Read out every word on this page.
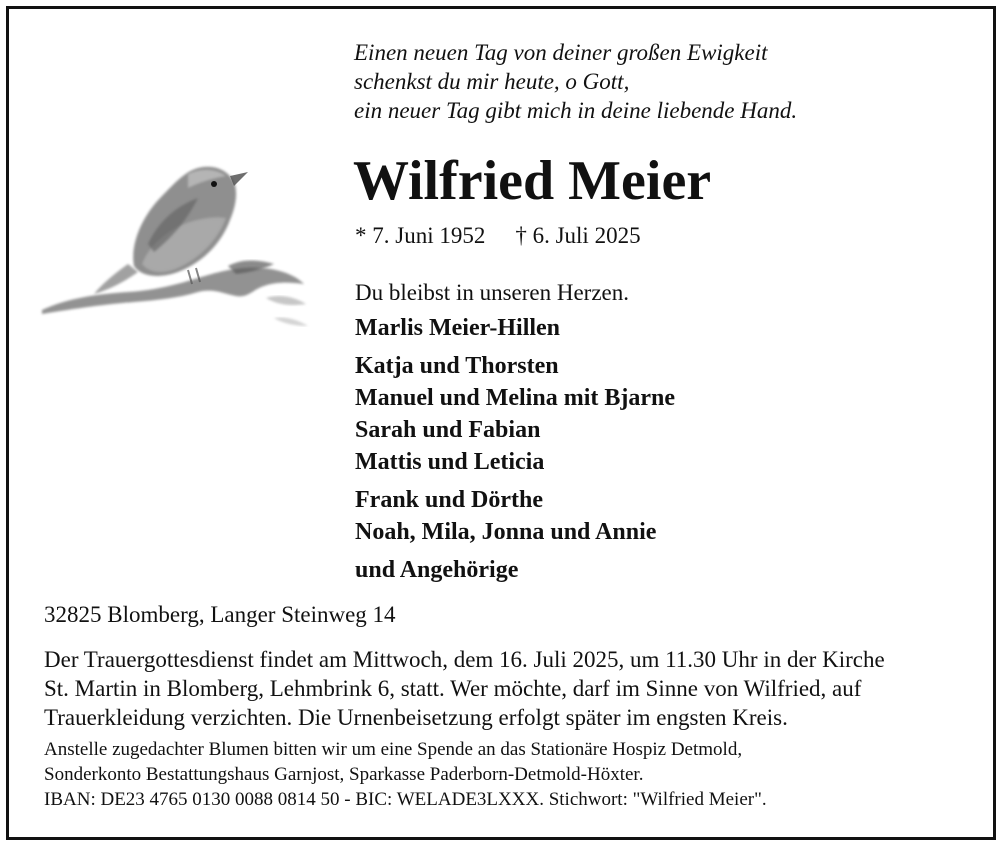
Einen neuen Tag von deiner großen Ewigkeit
schenkst du mir heute, o Gott,
ein neuer Tag gibt mich in deine liebende Hand.
Wilfried Meier
* 7. Juni 1952 † 6. Juli 2025
Du bleibst in unseren Herzen.
Marlis Meier-Hillen
Katja und Thorsten
Manuel und Melina mit Bjarne
Sarah und Fabian
Mattis und Leticia
Frank und Dörthe
Noah, Mila, Jonna und Annie
und Angehörige
32825 Blomberg, Langer Steinweg 14
Der Trauergottesdienst findet am Mittwoch, dem 16. Juli 2025, um 11.30 Uhr in der Kirche
St. Martin in Blomberg, Lehmbrink 6, statt. Wer möchte, darf im Sinne von Wilfried, auf
Trauerkleidung verzichten. Die Urnenbeisetzung erfolgt später im engsten Kreis.
Anstelle zugedachter Blumen bitten wir um eine Spende an das Stationäre Hospiz Detmold,
Sonderkonto Bestattungshaus Garnjost, Sparkasse Paderborn-Detmold-Höxter.
IBAN: DE23 4765 0130 0088 0814 50 - BIC: WELADE3LXXX. Stichwort: "Wilfried Meier".
